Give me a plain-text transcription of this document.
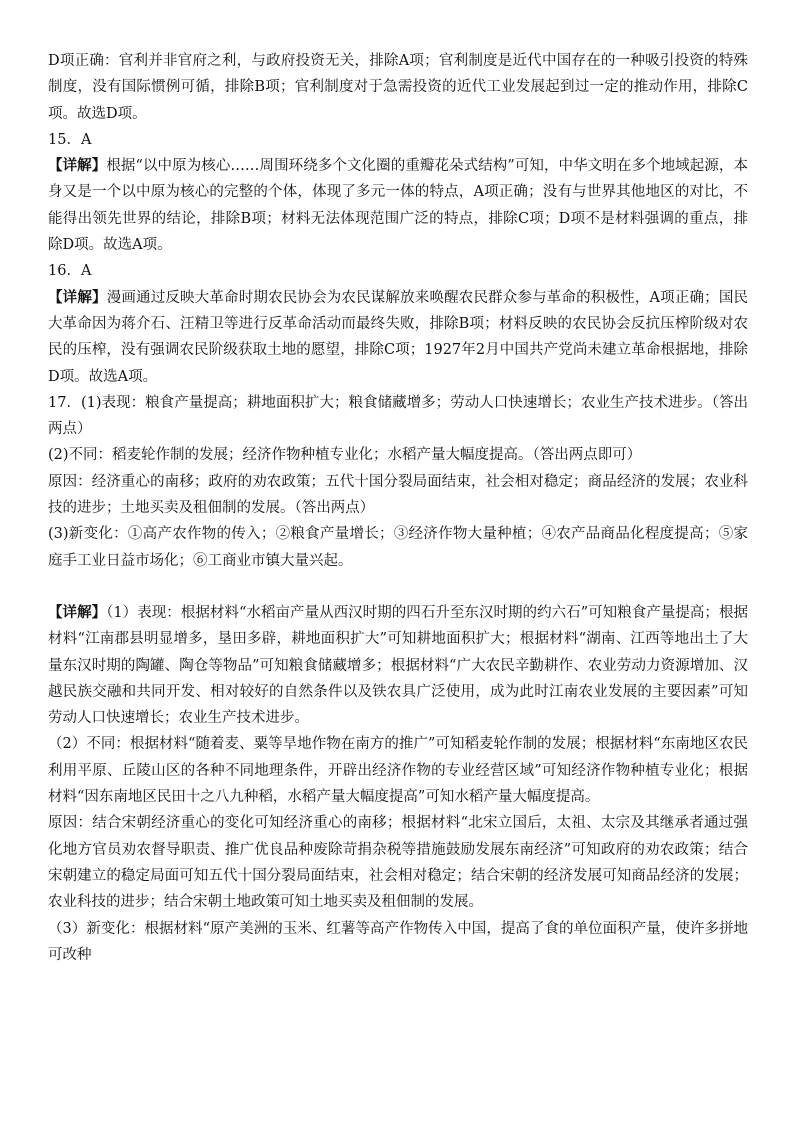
D项正确：官利并非官府之利，与政府投资无关，排除A项；官利制度是近代中国存在的一种吸引投资的特殊制度，没有国际惯例可循，排除B项；官利制度对于急需投资的近代工业发展起到过一定的推动作用，排除C项。故选D项。

15．A

【详解】根据“以中原为核心……周围环绕多个文化圈的重瓣花朵式结构”可知，中华文明在多个地域起源，本身又是一个以中原为核心的完整的个体，体现了多元一体的特点，A项正确；没有与世界其他地区的对比，不能得出领先世界的结论，排除B项；材料无法体现范围广泛的特点，排除C项；D项不是材料强调的重点，排除D项。故选A项。

16．A

【详解】漫画通过反映大革命时期农民协会为农民谋解放来唤醒农民群众参与革命的积极性，A项正确；国民大革命因为蒋介石、汪精卫等进行反革命活动而最终失败，排除B项；材料反映的农民协会反抗压榨阶级对农民的压榨，没有强调农民阶级获取土地的愿望，排除C项；1927年2月中国共产党尚未建立革命根据地，排除D项。故选A项。

17．(1)表现：粮食产量提高；耕地面积扩大；粮食储藏增多；劳动人口快速增长；农业生产技术进步。（答出两点）

(2)不同：稻麦轮作制的发展；经济作物种植专业化；水稻产量大幅度提高。（答出两点即可）

原因：经济重心的南移；政府的劝农政策；五代十国分裂局面结束，社会相对稳定；商品经济的发展；农业科技的进步；土地买卖及租佃制的发展。（答出两点）

(3)新变化：①高产农作物的传入；②粮食产量增长；③经济作物大量种植；④农产品商品化程度提高；⑤家庭手工业日益市场化；⑥工商业市镇大量兴起。

【详解】（1）表现：根据材料“水稻亩产量从西汉时期的四石升至东汉时期的约六石”可知粮食产量提高；根据材料“江南郡县明显增多，垦田多辟，耕地面积扩大”可知耕地面积扩大；根据材料“湖南、江西等地出土了大量东汉时期的陶罐、陶仓等物品”可知粮食储藏增多；根据材料“广大农民辛勤耕作、农业劳动力资源增加、汉越民族交融和共同开发、相对较好的自然条件以及铁农具广泛使用，成为此时江南农业发展的主要因素”可知劳动人口快速增长；农业生产技术进步。

（2）不同：根据材料“随着麦、粟等旱地作物在南方的推广”可知稻麦轮作制的发展；根据材料“东南地区农民利用平原、丘陵山区的各种不同地理条件，开辟出经济作物的专业经营区域”可知经济作物种植专业化；根据材料“因东南地区民田十之八九种稻，水稻产量大幅度提高”可知水稻产量大幅度提高。

原因：结合宋朝经济重心的变化可知经济重心的南移；根据材料“北宋立国后，太祖、太宗及其继承者通过强化地方官员劝农督导职责、推广优良品种废除苛捐杂税等措施鼓励发展东南经济”可知政府的劝农政策；结合宋朝建立的稳定局面可知五代十国分裂局面结束，社会相对稳定；结合宋朝的经济发展可知商品经济的发展；农业科技的进步；结合宋朝土地政策可知土地买卖及租佃制的发展。

（3）新变化：根据材料“原产美洲的玉米、红薯等高产作物传入中国，提高了食的单位面积产量，使许多拼地可改种
